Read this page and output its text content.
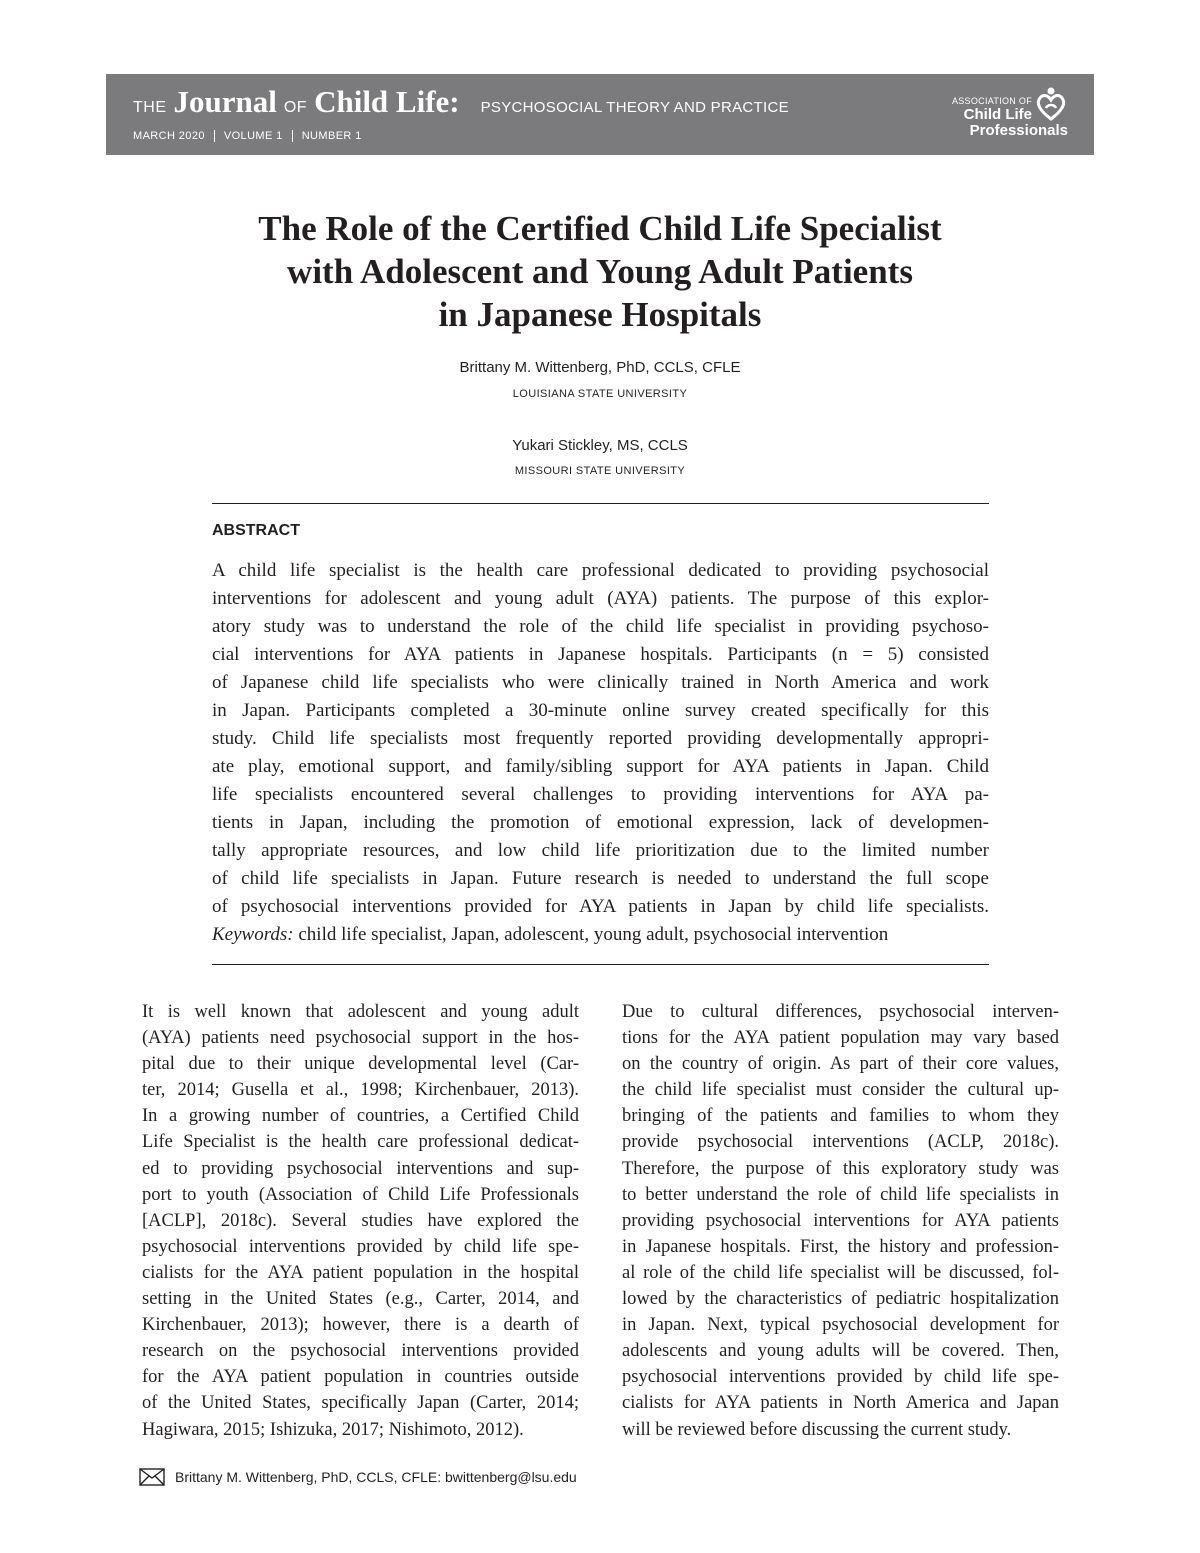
THE Journal OF Child Life: PSYCHOSOCIAL THEORY AND PRACTICE
MARCH 2020 VOLUME 1 NUMBER 1
ASSOCIATION OF
Child Life
Professionals
The Role of the Certified Child Life Specialist
with Adolescent and Young Adult Patients
in Japanese Hospitals
Brittany M. Wittenberg, PhD, CCLS, CFLE
LOUISIANA STATE UNIVERSITY
Yukari Stickley, MS, CCLS
MISSOURI STATE UNIVERSITY
ABSTRACT
A child life specialist is the health care professional dedicated to providing psychosocial
interventions for adolescent and young adult (AYA) patients. The purpose of this explor-
atory study was to understand the role of the child life specialist in providing psychoso-
cial interventions for AYA patients in Japanese hospitals. Participants (n = 5) consisted
of Japanese child life specialists who were clinically trained in North America and work
in Japan. Participants completed a 30-minute online survey created specifically for this
study. Child life specialists most frequently reported providing developmentally appropri-
ate play, emotional support, and family/sibling support for AYA patients in Japan. Child
life specialists encountered several challenges to providing interventions for AYA pa-
tients in Japan, including the promotion of emotional expression, lack of developmen-
tally appropriate resources, and low child life prioritization due to the limited number
of child life specialists in Japan. Future research is needed to understand the full scope
of psychosocial interventions provided for AYA patients in Japan by child life specialists.
Keywords: child life specialist, Japan, adolescent, young adult, psychosocial intervention
It is well known that adolescent and young adult
(AYA) patients need psychosocial support in the hos-
pital due to their unique developmental level (Car-
ter, 2014; Gusella et al., 1998; Kirchenbauer, 2013).
In a growing number of countries, a Certified Child
Life Specialist is the health care professional dedicat-
ed to providing psychosocial interventions and sup-
port to youth (Association of Child Life Professionals
[ACLP], 2018c). Several studies have explored the
psychosocial interventions provided by child life spe-
cialists for the AYA patient population in the hospital
setting in the United States (e.g., Carter, 2014, and
Kirchenbauer, 2013); however, there is a dearth of
research on the psychosocial interventions provided
for the AYA patient population in countries outside
of the United States, specifically Japan (Carter, 2014;
Hagiwara, 2015; Ishizuka, 2017; Nishimoto, 2012).
Due to cultural differences, psychosocial interven-
tions for the AYA patient population may vary based
on the country of origin. As part of their core values,
the child life specialist must consider the cultural up-
bringing of the patients and families to whom they
provide psychosocial interventions (ACLP, 2018c).
Therefore, the purpose of this exploratory study was
to better understand the role of child life specialists in
providing psychosocial interventions for AYA patients
in Japanese hospitals. First, the history and profession-
al role of the child life specialist will be discussed, fol-
lowed by the characteristics of pediatric hospitalization
in Japan. Next, typical psychosocial development for
adolescents and young adults will be covered. Then,
psychosocial interventions provided by child life spe-
cialists for AYA patients in North America and Japan
will be reviewed before discussing the current study.
Brittany M. Wittenberg, PhD, CCLS, CFLE: bwittenberg@lsu.edu
